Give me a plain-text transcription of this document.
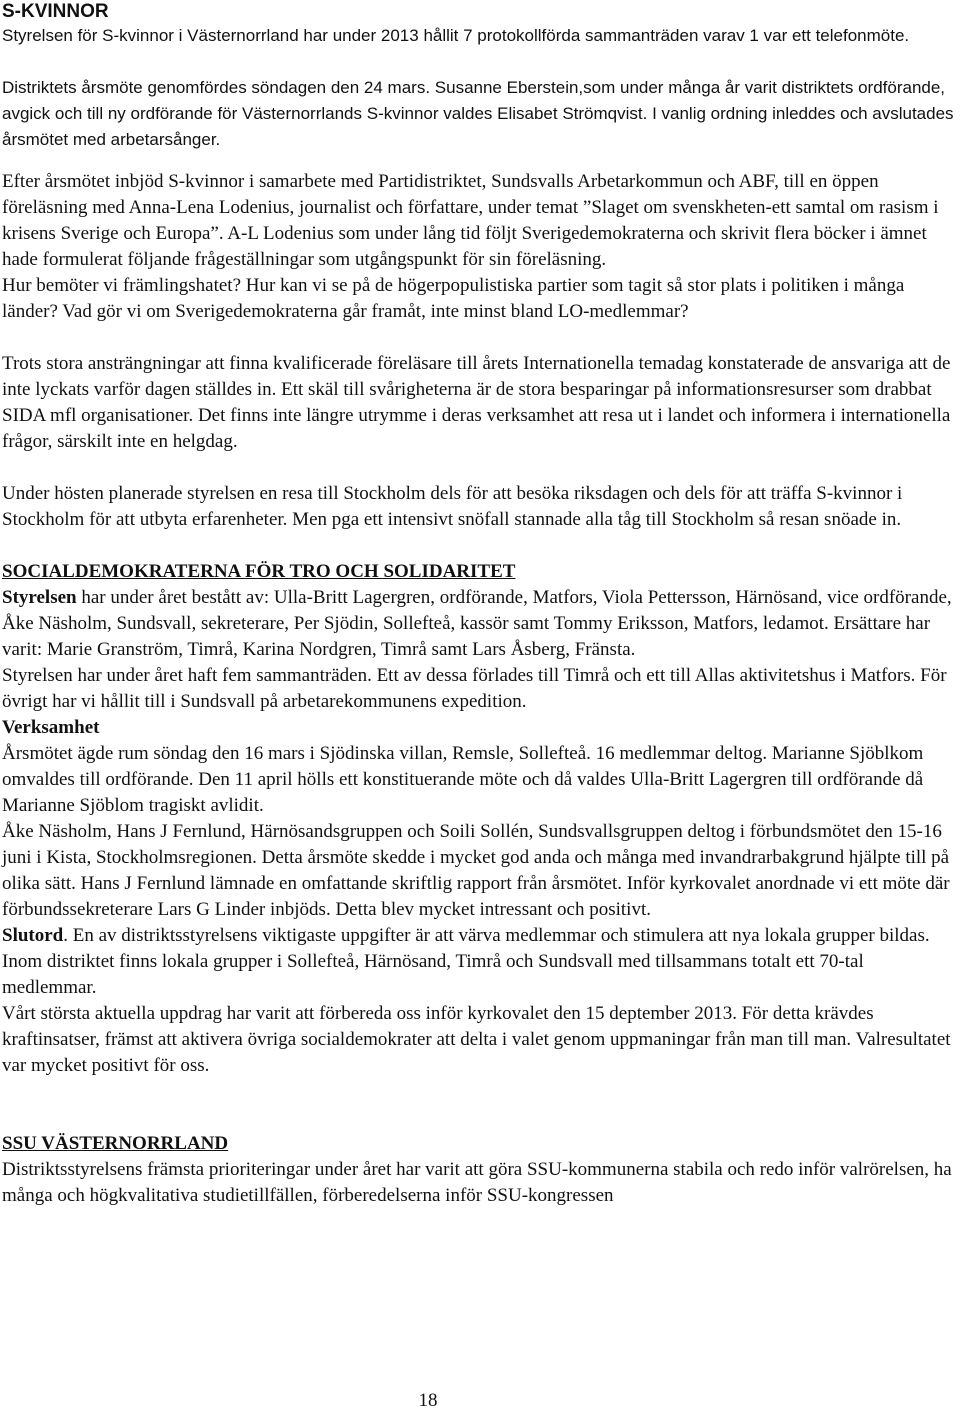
S-KVINNOR

Styrelsen för S-kvinnor i Västernorrland har under 2013 hållit 7 protokollförda sammanträden varav 1 var ett telefonmöte.

Distriktets årsmöte genomfördes söndagen den 24 mars. Susanne Eberstein,som under många år varit distriktets ordförande, avgick och till ny ordförande för Västernorrlands S-kvinnor valdes Elisabet Strömqvist. I vanlig ordning inleddes och avslutades årsmötet med arbetarsånger.

Efter årsmötet inbjöd S-kvinnor i samarbete med Partidistriktet, Sundsvalls Arbetarkommun och ABF, till en öppen föreläsning med Anna-Lena Lodenius, journalist och författare, under temat ”Slaget om svenskheten-ett samtal om rasism i krisens Sverige och Europa”. A-L Lodenius som under lång tid följt Sverigedemokraterna och skrivit flera böcker i ämnet hade formulerat följande frågeställningar som utgångspunkt för sin föreläsning.

Hur bemöter vi främlingshatet? Hur kan vi se på de högerpopulistiska partier som tagit så stor plats i politiken i många länder? Vad gör vi om Sverigedemokraterna går framåt, inte minst bland LO-medlemmar?

Trots stora ansträngningar att finna kvalificerade föreläsare till årets Internationella temadag konstaterade de ansvariga att de inte lyckats varför dagen ställdes in. Ett skäl till svårigheterna är de stora besparingar på informationsresurser som drabbat SIDA mfl organisationer. Det finns inte längre utrymme i deras verksamhet att resa ut i landet och informera i internationella frågor, särskilt inte en helgdag.

Under hösten planerade styrelsen en resa till Stockholm dels för att besöka riksdagen och dels för att träffa S-kvinnor i Stockholm för att utbyta erfarenheter. Men pga ett intensivt snöfall stannade alla tåg till Stockholm så resan snöade in.

SOCIALDEMOKRATERNA FÖR TRO OCH SOLIDARITET

Styrelsen har under året bestått av: Ulla-Britt Lagergren, ordförande, Matfors, Viola Pettersson, Härnösand, vice ordförande, Åke Näsholm, Sundsvall, sekreterare, Per Sjödin, Sollefteå, kassör samt Tommy Eriksson, Matfors, ledamot. Ersättare har varit: Marie Granström, Timrå, Karina Nordgren, Timrå samt Lars Åsberg, Fränsta.

Styrelsen har under året haft fem sammanträden. Ett av dessa förlades till Timrå och ett till Allas aktivitetshus i Matfors. För övrigt har vi hållit till i Sundsvall på arbetarekommunens expedition.

Verksamhet

Årsmötet ägde rum söndag den 16 mars i Sjödinska villan, Remsle, Sollefteå. 16 medlemmar deltog. Marianne Sjöblkom omvaldes till ordförande. Den 11 april hölls ett konstituerande möte och då valdes Ulla-Britt Lagergren till ordförande då Marianne Sjöblom tragiskt avlidit.

Åke Näsholm, Hans J Fernlund, Härnösandsgruppen och Soili Sollén, Sundsvallsgruppen deltog i förbundsmötet den 15-16 juni i Kista, Stockholmsregionen. Detta årsmöte skedde i mycket god anda och många med invandrarbakgrund hjälpte till på olika sätt. Hans J Fernlund lämnade en omfattande skriftlig rapport från årsmötet. Inför kyrkovalet anordnade vi ett möte där förbundssekreterare Lars G Linder inbjöds. Detta blev mycket intressant och positivt.

Slutord. En av distriktsstyrelsens viktigaste uppgifter är att värva medlemmar och stimulera att nya lokala grupper bildas. Inom distriktet finns lokala grupper i Sollefteå, Härnösand, Timrå och Sundsvall med tillsammans totalt ett 70-tal medlemmar.

Vårt största aktuella uppdrag har varit att förbereda oss inför kyrkovalet den 15 deptember 2013. För detta krävdes kraftinsatser, främst att aktivera övriga socialdemokrater att delta i valet genom uppmaningar från man till man. Valresultatet var mycket positivt för oss.

SSU VÄSTERNORRLAND

Distriktsstyrelsens främsta prioriteringar under året har varit att göra SSU-kommunerna stabila och redo inför valrörelsen, ha många och högkvalitativa studietillfällen, förberedelserna inför SSU-kongressen

18
